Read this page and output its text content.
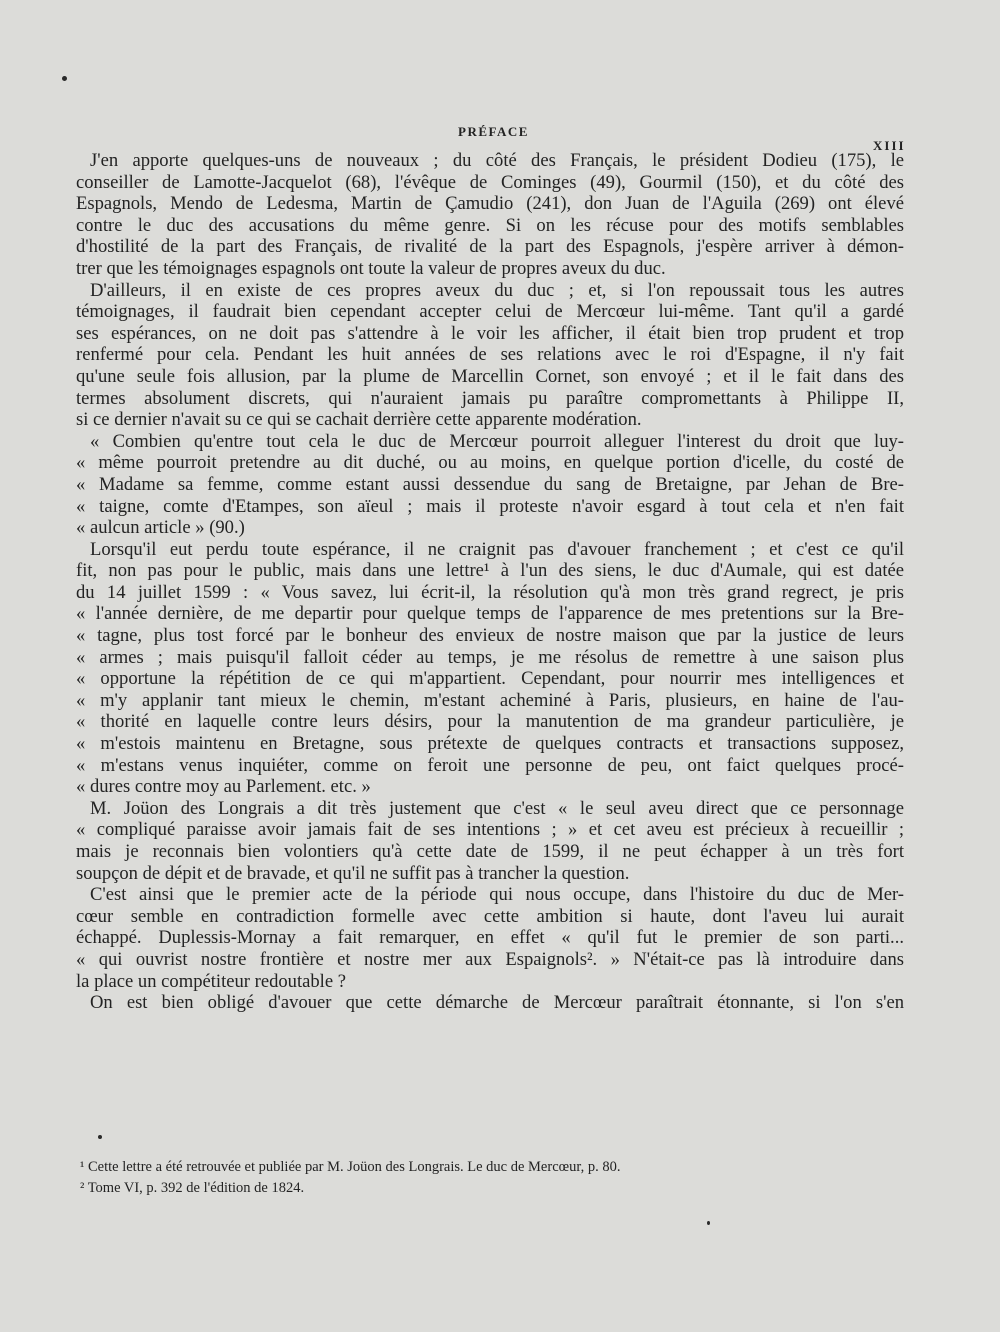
PRÉFACE
XIII
J'en apporte quelques-uns de nouveaux ; du côté des Français, le président Dodieu (175), le
conseiller de Lamotte-Jacquelot (68), l'évêque de Cominges (49), Gourmil (150), et du côté des
Espagnols, Mendo de Ledesma, Martin de Çamudio (241), don Juan de l'Aguila (269) ont élevé
contre le duc des accusations du même genre. Si on les récuse pour des motifs semblables
d'hostilité de la part des Français, de rivalité de la part des Espagnols, j'espère arriver à démon-
trer que les témoignages espagnols ont toute la valeur de propres aveux du duc.
D'ailleurs, il en existe de ces propres aveux du duc ; et, si l'on repoussait tous les autres
témoignages, il faudrait bien cependant accepter celui de Mercœur lui-même. Tant qu'il a gardé
ses espérances, on ne doit pas s'attendre à le voir les afficher, il était bien trop prudent et trop
renfermé pour cela. Pendant les huit années de ses relations avec le roi d'Espagne, il n'y fait
qu'une seule fois allusion, par la plume de Marcellin Cornet, son envoyé ; et il le fait dans des
termes absolument discrets, qui n'auraient jamais pu paraître compromettants à Philippe II,
si ce dernier n'avait su ce qui se cachait derrière cette apparente modération.
« Combien qu'entre tout cela le duc de Mercœur pourroit alleguer l'interest du droit que luy-
« même pourroit pretendre au dit duché, ou au moins, en quelque portion d'icelle, du costé de
« Madame sa femme, comme estant aussi dessendue du sang de Bretaigne, par Jehan de Bre-
« taigne, comte d'Etampes, son aïeul ; mais il proteste n'avoir esgard à tout cela et n'en fait
« aulcun article » (90.)
Lorsqu'il eut perdu toute espérance, il ne craignit pas d'avouer franchement ; et c'est ce qu'il
fit, non pas pour le public, mais dans une lettre¹ à l'un des siens, le duc d'Aumale, qui est datée
du 14 juillet 1599 : « Vous savez, lui écrit-il, la résolution qu'à mon très grand regrect, je pris
« l'année dernière, de me departir pour quelque temps de l'apparence de mes pretentions sur la Bre-
« tagne, plus tost forcé par le bonheur des envieux de nostre maison que par la justice de leurs
« armes ; mais puisqu'il falloit céder au temps, je me résolus de remettre à une saison plus
« opportune la répétition de ce qui m'appartient. Cependant, pour nourrir mes intelligences et
« m'y applanir tant mieux le chemin, m'estant acheminé à Paris, plusieurs, en haine de l'au-
« thorité en laquelle contre leurs désirs, pour la manutention de ma grandeur particulière, je
« m'estois maintenu en Bretagne, sous prétexte de quelques contracts et transactions supposez,
« m'estans venus inquiéter, comme on feroit une personne de peu, ont faict quelques procé-
« dures contre moy au Parlement. etc. »
M. Joüon des Longrais a dit très justement que c'est « le seul aveu direct que ce personnage
« compliqué paraisse avoir jamais fait de ses intentions ; » et cet aveu est précieux à recueillir ;
mais je reconnais bien volontiers qu'à cette date de 1599, il ne peut échapper à un très fort
soupçon de dépit et de bravade, et qu'il ne suffit pas à trancher la question.
C'est ainsi que le premier acte de la période qui nous occupe, dans l'histoire du duc de Mer-
cœur semble en contradiction formelle avec cette ambition si haute, dont l'aveu lui aurait
échappé. Duplessis-Mornay a fait remarquer, en effet « qu'il fut le premier de son parti...
« qui ouvrist nostre frontière et nostre mer aux Espaignols². » N'était-ce pas là introduire dans
la place un compétiteur redoutable ?
On est bien obligé d'avouer que cette démarche de Mercœur paraîtrait étonnante, si l'on s'en
¹ Cette lettre a été retrouvée et publiée par M. Joüon des Longrais. Le duc de Mercœur, p. 80.
² Tome VI, p. 392 de l'édition de 1824.
